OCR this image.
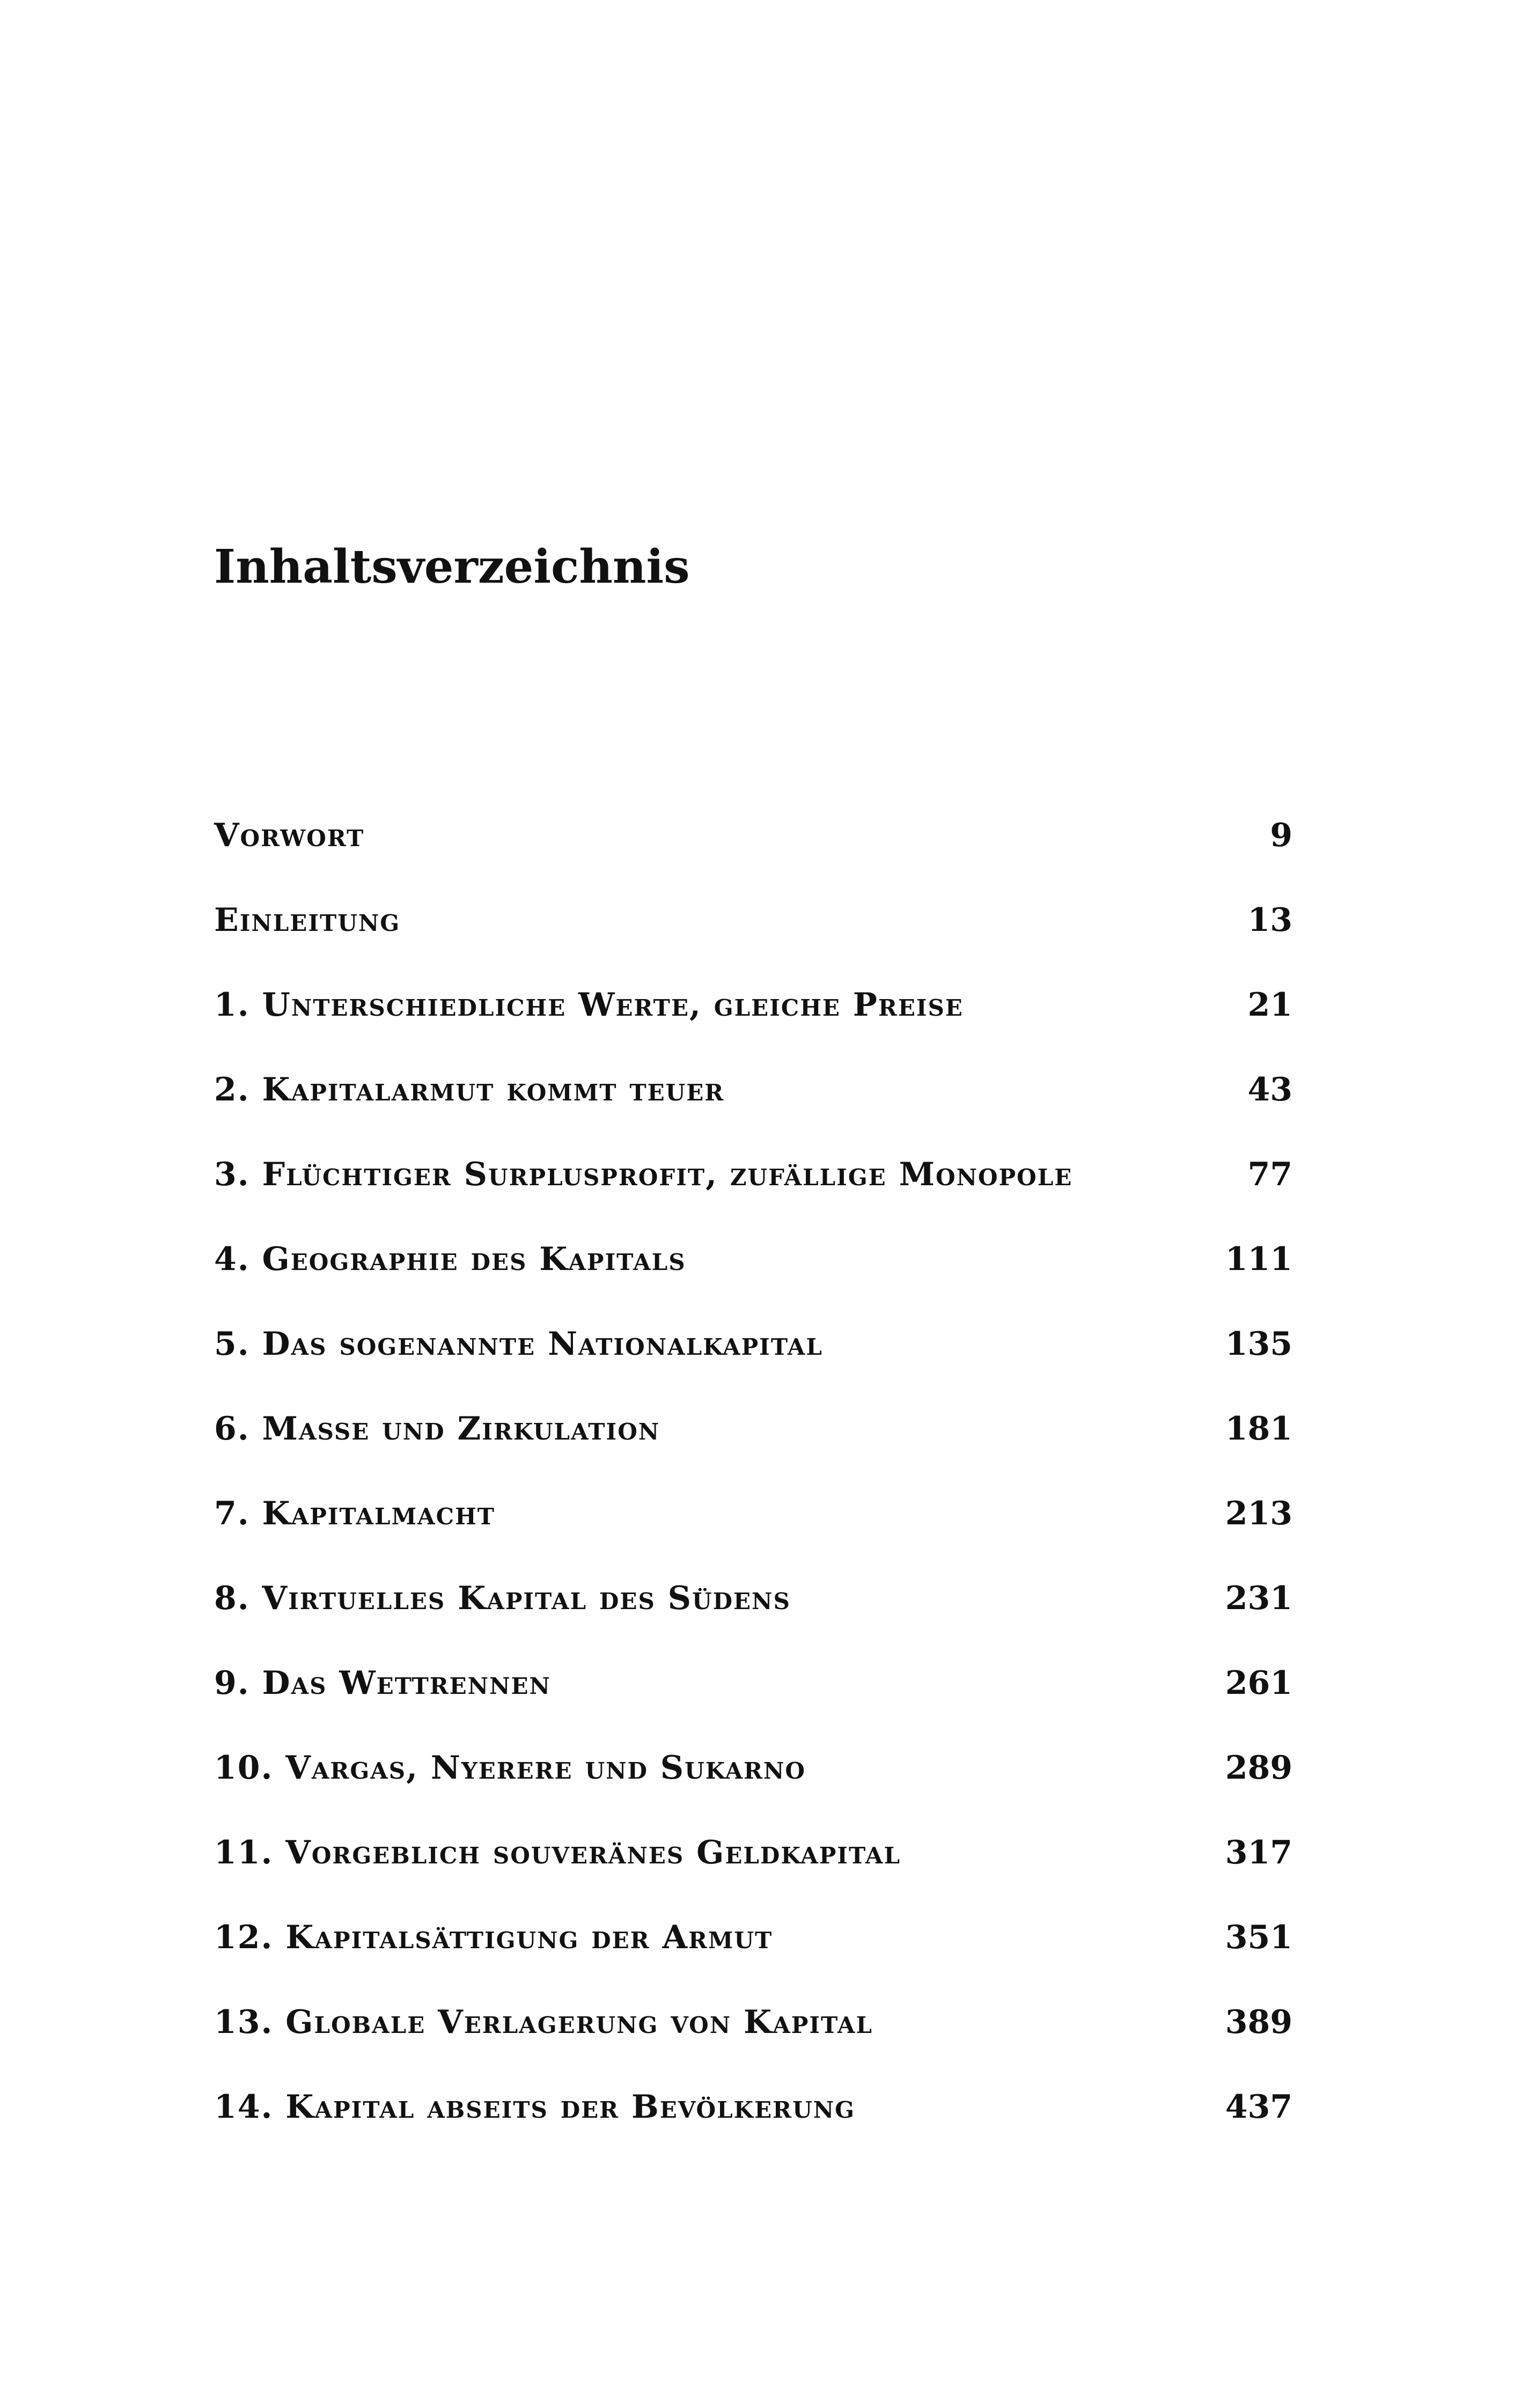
Inhaltsverzeichnis
Vorwort	9
Einleitung	13
1. Unterschiedliche Werte, gleiche Preise	21
2. Kapitalarmut kommt teuer	43
3. Flüchtiger Surplusprofit, zufällige Monopole	77
4. Geographie des Kapitals	111
5. Das sogenannte Nationalkapital	135
6. Masse und Zirkulation	181
7. Kapitalmacht	213
8. Virtuelles Kapital des Südens	231
9. Das Wettrennen	261
10. Vargas, Nyerere und Sukarno	289
11. Vorgeblich souveränes Geldkapital	317
12. Kapitalsättigung der Armut	351
13. Globale Verlagerung von Kapital	389
14. Kapital abseits der Bevölkerung	437
